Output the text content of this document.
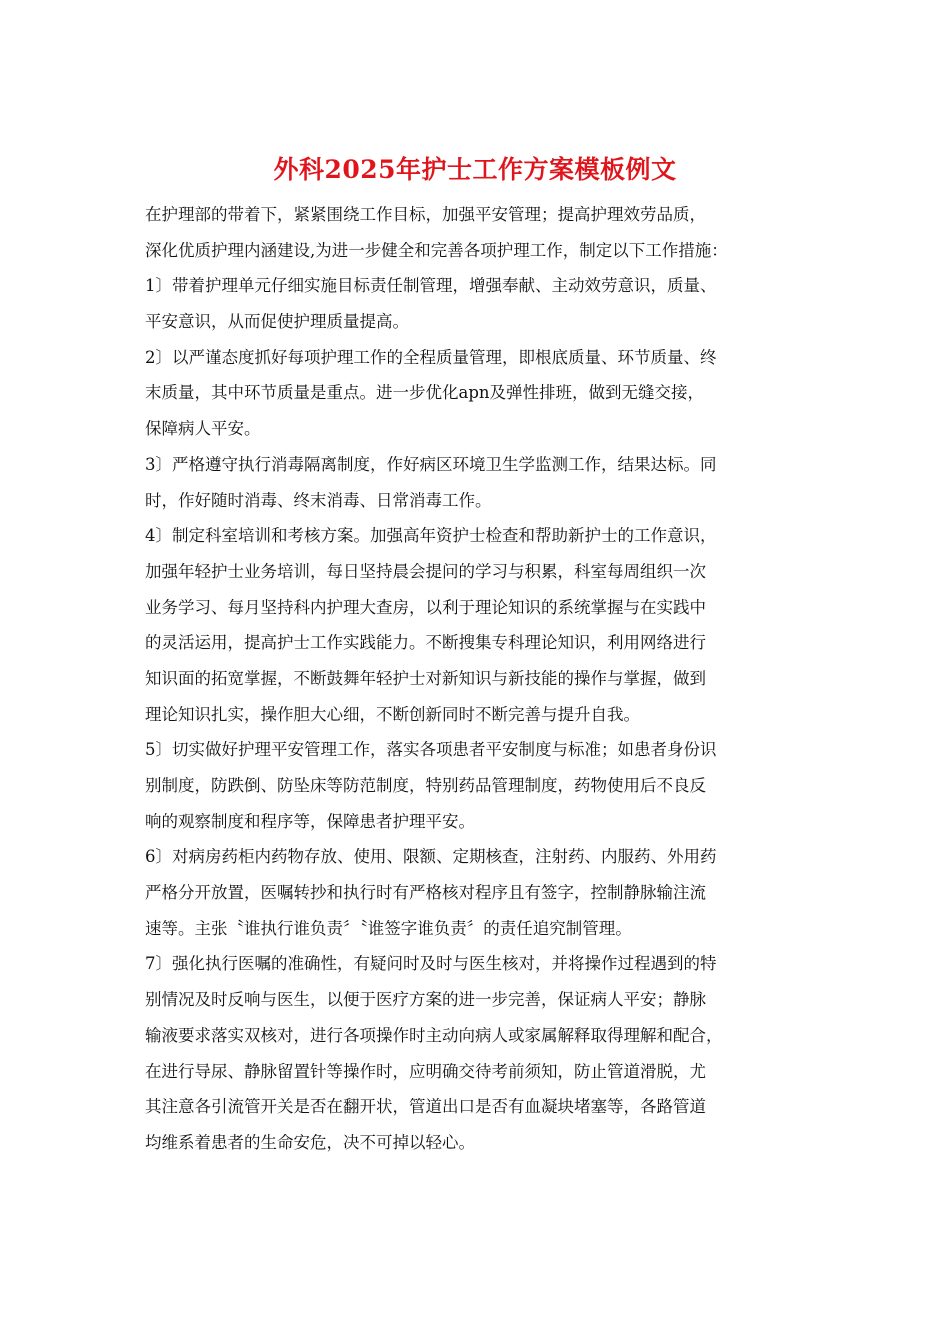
外科2025年护士工作方案模板例文
在护理部的带着下，紧紧围绕工作目标，加强平安管理；提高护理效劳品质，
深化优质护理内涵建设,为进一步健全和完善各项护理工作，制定以下工作措施：
1〕带着护理单元仔细实施目标责任制管理，增强奉献、主动效劳意识，质量、
平安意识，从而促使护理质量提高。
2〕以严谨态度抓好每项护理工作的全程质量管理，即根底质量、环节质量、终
末质量，其中环节质量是重点。进一步优化apn及弹性排班，做到无缝交接，
保障病人平安。
3〕严格遵守执行消毒隔离制度，作好病区环境卫生学监测工作，结果达标。同
时，作好随时消毒、终末消毒、日常消毒工作。
4〕制定科室培训和考核方案。加强高年资护士检查和帮助新护士的工作意识，
加强年轻护士业务培训，每日坚持晨会提问的学习与积累，科室每周组织一次
业务学习、每月坚持科内护理大查房，以利于理论知识的系统掌握与在实践中
的灵活运用，提高护士工作实践能力。不断搜集专科理论知识，利用网络进行
知识面的拓宽掌握，不断鼓舞年轻护士对新知识与新技能的操作与掌握，做到
理论知识扎实，操作胆大心细，不断创新同时不断完善与提升自我。
5〕切实做好护理平安管理工作，落实各项患者平安制度与标准；如患者身份识
别制度，防跌倒、防坠床等防范制度，特别药品管理制度，药物使用后不良反
响的观察制度和程序等，保障患者护理平安。
6〕对病房药柜内药物存放、使用、限额、定期核查，注射药、内服药、外用药
严格分开放置，医嘱转抄和执行时有严格核对程序且有签字，控制静脉输注流
速等。主张〝谁执行谁负责〞〝谁签字谁负责〞的责任追究制管理。
7〕强化执行医嘱的准确性，有疑问时及时与医生核对，并将操作过程遇到的特
别情况及时反响与医生，以便于医疗方案的进一步完善，保证病人平安；静脉
输液要求落实双核对，进行各项操作时主动向病人或家属解释取得理解和配合，
在进行导尿、静脉留置针等操作时，应明确交待考前须知，防止管道滑脱，尤
其注意各引流管开关是否在翻开状，管道出口是否有血凝块堵塞等，各路管道
均维系着患者的生命安危，决不可掉以轻心。
